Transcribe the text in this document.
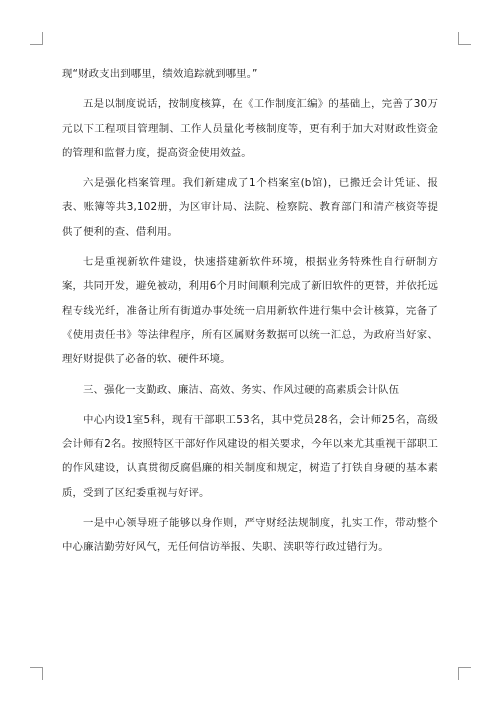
现“财政支出到哪里，绩效追踪就到哪里。”

五是以制度说话，按制度核算，在《工作制度汇编》的基础上，完善了30万元以下工程项目管理制、工作人员量化考核制度等，更有利于加大对财政性资金的管理和监督力度，提高资金使用效益。

六是强化档案管理。我们新建成了1个档案室(b馆)，已搬迁会计凭证、报表、账簿等共3,102册，为区审计局、法院、检察院、教育部门和清产核资等提供了便利的查、借利用。

七是重视新软件建设，快速搭建新软件环境，根据业务特殊性自行研制方案，共同开发，避免被动，利用6个月时间顺利完成了新旧软件的更替，并依托远程专线光纤，准备让所有街道办事处统一启用新软件进行集中会计核算，完备了《使用责任书》等法律程序，所有区属财务数据可以统一汇总，为政府当好家、理好财提供了必备的软、硬件环境。

三、强化一支勤政、廉洁、高效、务实、作风过硬的高素质会计队伍

中心内设1室5科，现有干部职工53名，其中党员28名，会计师25名，高级会计师有2名。按照特区干部好作风建设的相关要求，今年以来尤其重视干部职工的作风建设，认真贯彻反腐倡廉的相关制度和规定，树造了打铁自身硬的基本素质，受到了区纪委重视与好评。

一是中心领导班子能够以身作则，严守财经法规制度，扎实工作，带动整个中心廉洁勤劳好风气，无任何信访举报、失职、渎职等行政过错行为。
